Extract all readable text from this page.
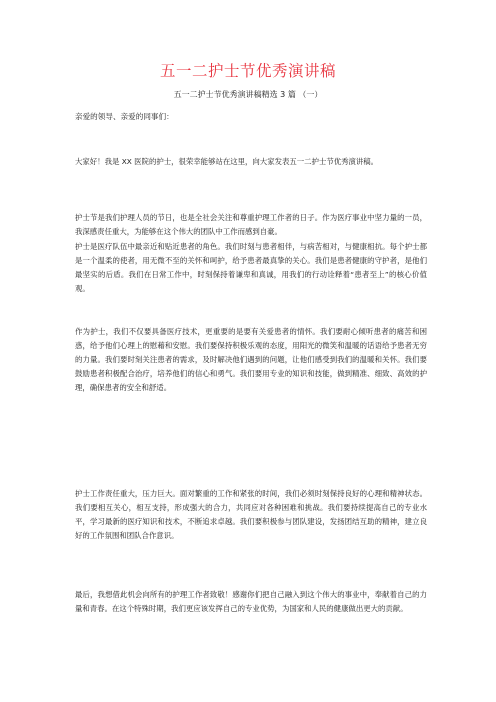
五一二护士节优秀演讲稿
五一二护士节优秀演讲稿精选 3 篇 （一）
亲爱的领导、亲爱的同事们：

大家好！我是 XX 医院的护士，很荣幸能够站在这里，向大家发表五一二护士节优秀演讲稿。

护士节是我们护理人员的节日，也是全社会关注和尊重护理工作者的日子。作为医疗事业中坚力量的一员，我深感责任重大，为能够在这个伟大的团队中工作而感到自豪。

护士是医疗队伍中最亲近和贴近患者的角色。我们时刻与患者相伴，与病苦相对，与健康相抗。每个护士都是一个温柔的使者，用无微不至的关怀和呵护，给予患者最真挚的关心。我们是患者健康的守护者，是他们最坚实的后盾。我们在日常工作中，时刻保持着谦卑和真诚，用我们的行动诠释着“患者至上”的核心价值观。

作为护士，我们不仅要具备医疗技术，更重要的是要有关爱患者的情怀。我们要耐心倾听患者的痛苦和困惑，给予他们心理上的慰藉和安慰。我们要保持积极乐观的态度，用阳光的微笑和温暖的话语给予患者无穷的力量。我们要时刻关注患者的需求，及时解决他们遇到的问题，让他们感受到我们的温暖和关怀。我们要鼓励患者积极配合治疗，培养他们的信心和勇气。我们要用专业的知识和技能，做到精准、细致、高效的护理，确保患者的安全和舒适。

护士工作责任重大，压力巨大。面对繁重的工作和紧张的时间，我们必须时刻保持良好的心理和精神状态。我们要相互关心，相互支持，形成强大的合力，共同应对各种困难和挑战。我们要持续提高自己的专业水平，学习最新的医疗知识和技术，不断追求卓越。我们要积极参与团队建设，发扬团结互助的精神，建立良好的工作氛围和团队合作意识。

最后，我想借此机会向所有的护理工作者致敬！感谢你们把自己融入到这个伟大的事业中，奉献着自己的力量和青春。在这个特殊时期，我们更应该发挥自己的专业优势，为国家和人民的健康做出更大的贡献。
